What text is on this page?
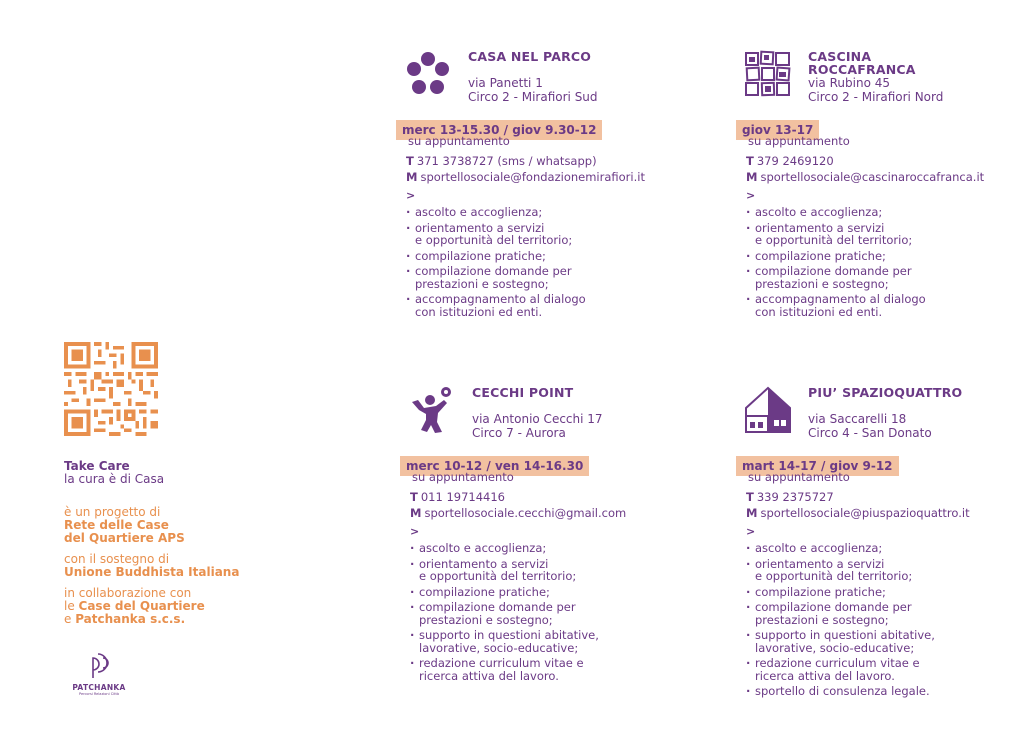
Take Care
la cura è di Casa
è un progetto di
Rete delle Case
del Quartiere APS
con il sostegno di
Unione Buddhista Italiana
in collaborazione con
le Case del Quartiere
e Patchanka s.c.s.
PATCHANKA
Percorsi Relazioni Città
CASA NEL PARCO
via Panetti 1
Circo 2 - Mirafiori Sud
merc 13-15.30 / giov 9.30-12
su appuntamento
T 371 3738727 (sms / whatsapp)
M sportellosociale@fondazionemirafiori.it
>
· ascolto e accoglienza;
· orientamento a servizi
e opportunità del territorio;
· compilazione pratiche;
· compilazione domande per
prestazioni e sostegno;
· accompagnamento al dialogo
con istituzioni ed enti.
CASCINA
ROCCAFRANCA
via Rubino 45
Circo 2 - Mirafiori Nord
giov 13-17
su appuntamento
T 379 2469120
M sportellosociale@cascinaroccafranca.it
>
· ascolto e accoglienza;
· orientamento a servizi
e opportunità del territorio;
· compilazione pratiche;
· compilazione domande per
prestazioni e sostegno;
· accompagnamento al dialogo
con istituzioni ed enti.
CECCHI POINT
via Antonio Cecchi 17
Circo 7 - Aurora
merc 10-12 / ven 14-16.30
su appuntamento
T 011 19714416
M sportellosociale.cecchi@gmail.com
>
· ascolto e accoglienza;
· orientamento a servizi
e opportunità del territorio;
· compilazione pratiche;
· compilazione domande per
prestazioni e sostegno;
· supporto in questioni abitative,
lavorative, socio-educative;
· redazione curriculum vitae e
ricerca attiva del lavoro.
PIU’ SPAZIOQUATTRO
via Saccarelli 18
Circo 4 - San Donato
mart 14-17 / giov 9-12
su appuntamento
T 339 2375727
M sportellosociale@piuspazioquattro.it
>
· ascolto e accoglienza;
· orientamento a servizi
e opportunità del territorio;
· compilazione pratiche;
· compilazione domande per
prestazioni e sostegno;
· supporto in questioni abitative,
lavorative, socio-educative;
· redazione curriculum vitae e
ricerca attiva del lavoro.
· sportello di consulenza legale.
